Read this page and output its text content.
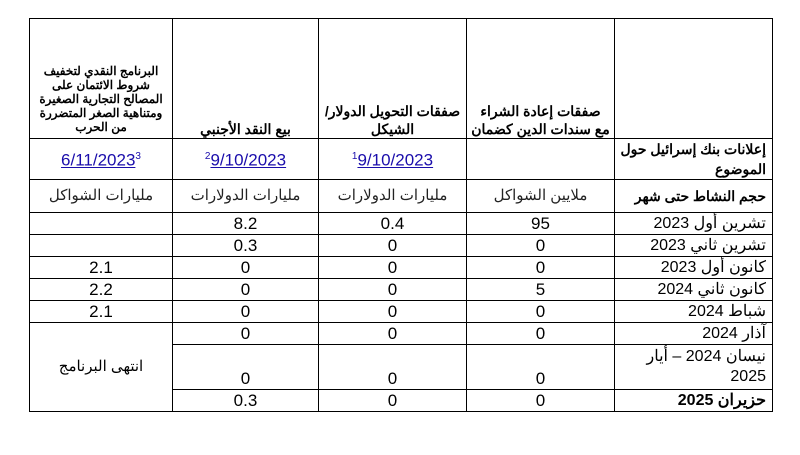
	صفقات إعادة الشراء مع سندات الدين كضمان	صفقات التحويل الدولار/ الشيكل	بيع النقد الأجنبي	البرنامج النقدي لتخفيف شروط الائتمان على المصالح التجارية الصغيرة ومتناهية الصغر المتضررة من الحرب
إعلانات بنك إسرائيل حول الموضوع		$^1$9/10/2023	$^2$9/10/2023	6/11/2023$^3$
حجم النشاط حتى شهر	ملايين الشواكل	مليارات الدولارات	مليارات الدولارات	مليارات الشواكل
تشرين أول 2023	95	0.4	8.2	
تشرين ثاني 2023	0	0	0.3	
كانون أول 2023	0	0	0	2.1
كانون ثاني 2024	5	0	0	2.2
شباط 2024	0	0	0	2.1
آذار 2024	0	0	0	انتهى البرنامج
نيسان 2024 – أيار 2025	0	0	0	
حزيران 2025	0	0	0.3	
